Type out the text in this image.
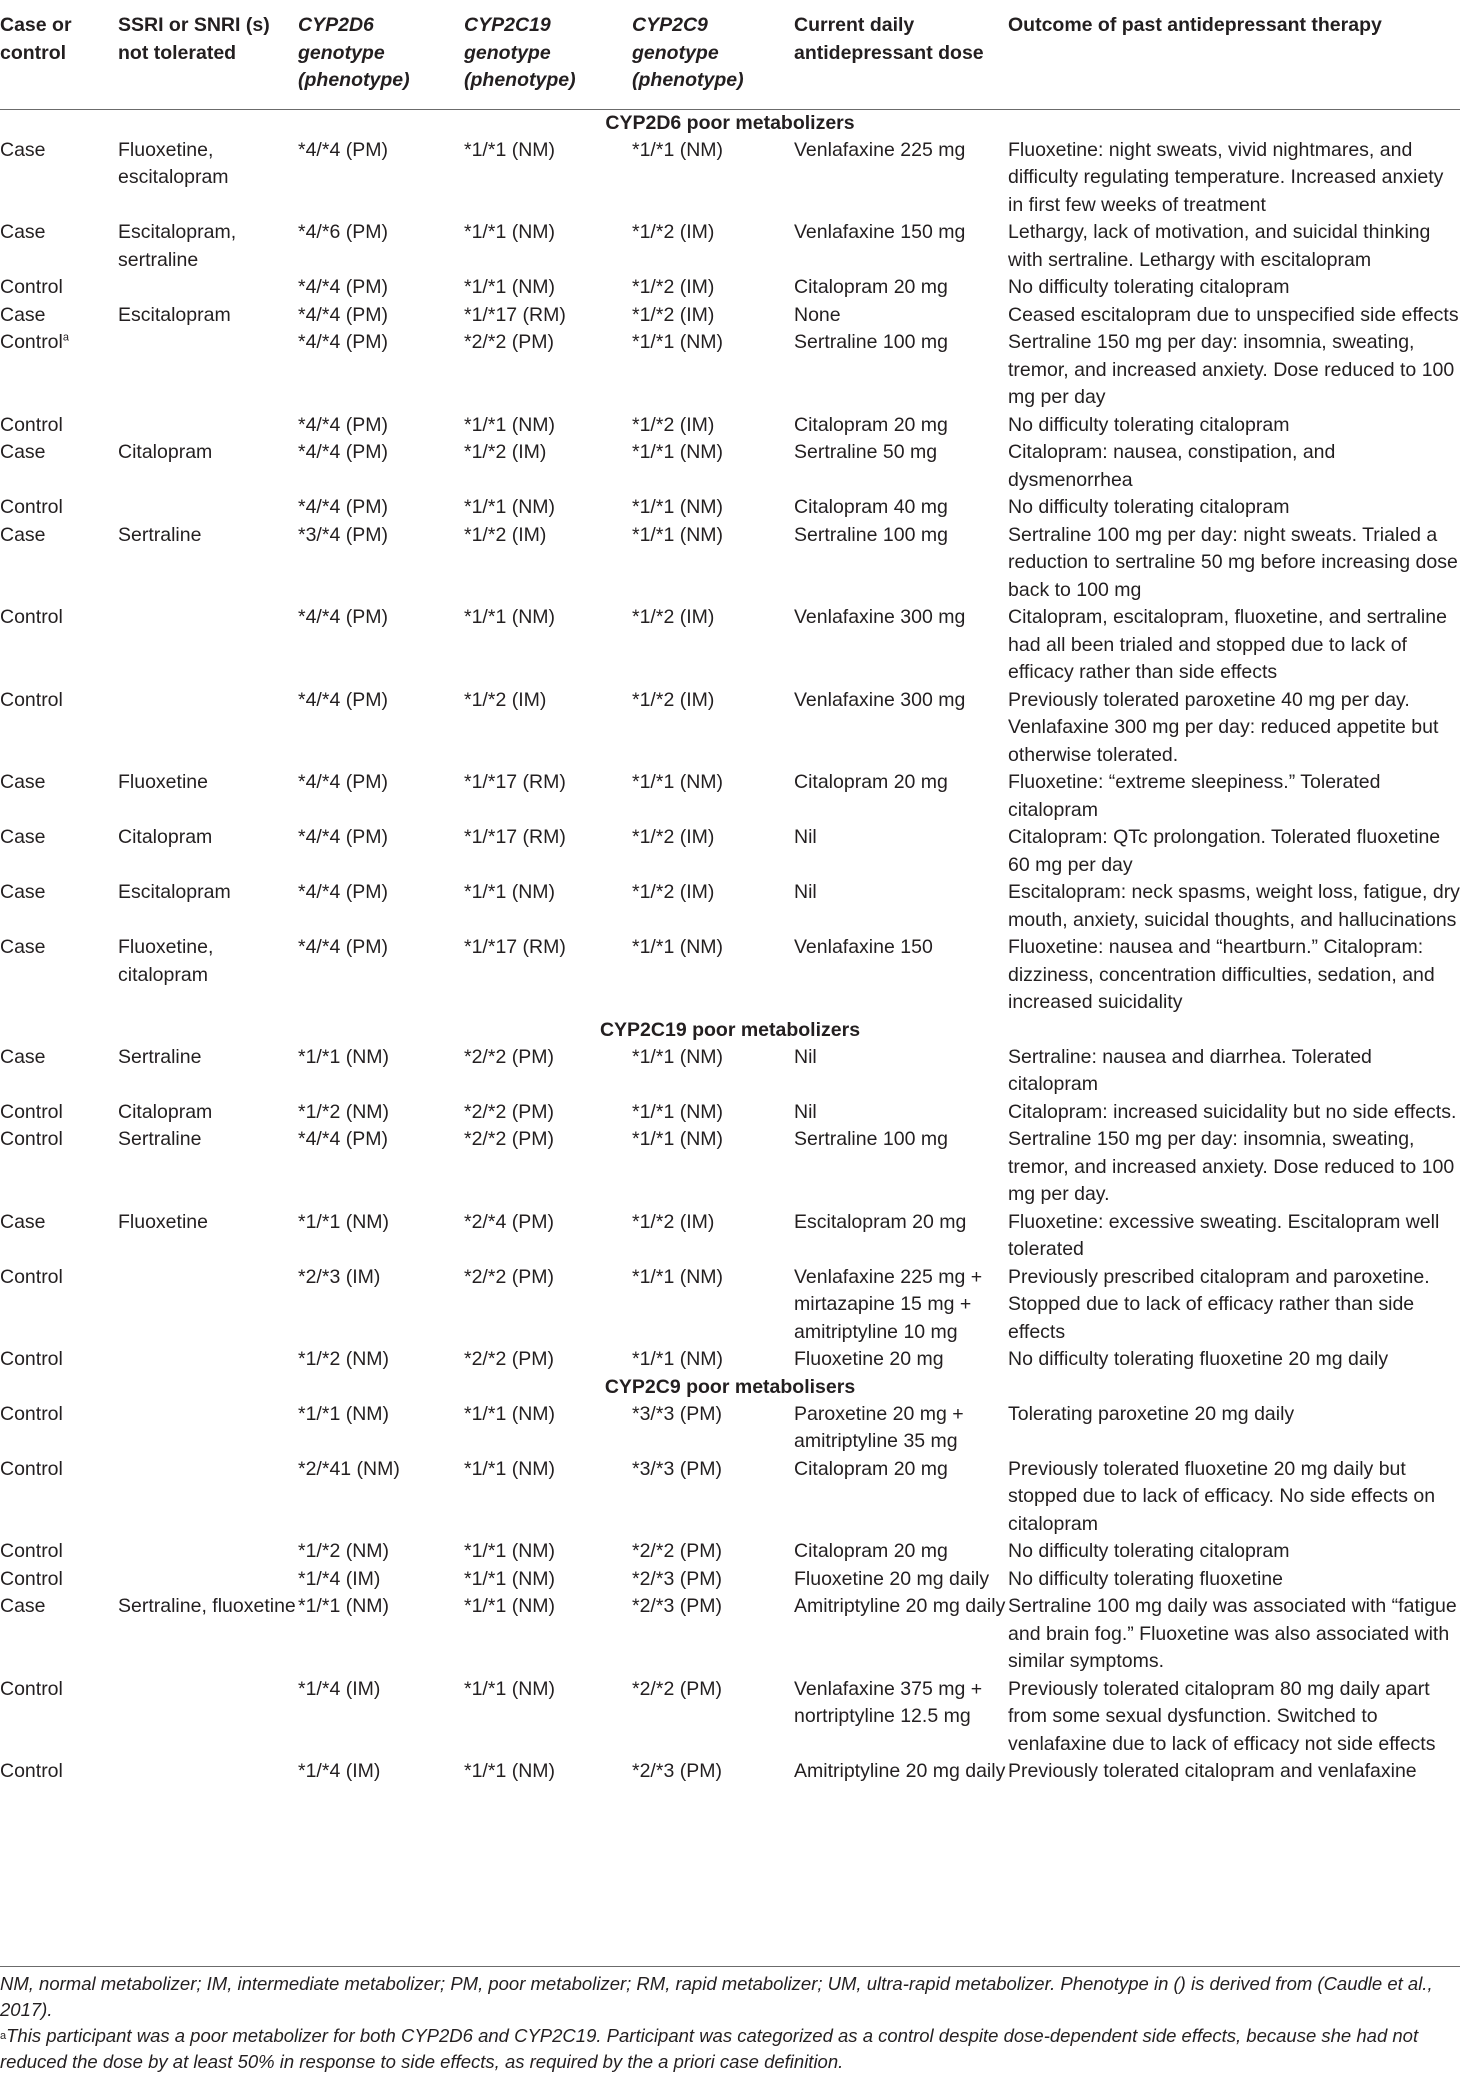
Case or control	SSRI or SNRI (s) not tolerated	CYP2D6 genotype (phenotype)	CYP2C19 genotype (phenotype)	CYP2C9 genotype (phenotype)	Current daily antidepressant dose	Outcome of past antidepressant therapy
CYP2D6 poor metabolizers						
Case	Fluoxetine, escitalopram	*4/*4 (PM)	*1/*1 (NM)	*1/*1 (NM)	Venlafaxine 225 mg	Fluoxetine: night sweats, vivid nightmares, and difficulty regulating temperature. Increased anxiety in first few weeks of treatment
Case	Escitalopram, sertraline	*4/*6 (PM)	*1/*1 (NM)	*1/*2 (IM)	Venlafaxine 150 mg	Lethargy, lack of motivation, and suicidal thinking with sertraline. Lethargy with escitalopram
Control		*4/*4 (PM)	*1/*1 (NM)	*1/*2 (IM)	Citalopram 20 mg	No difficulty tolerating citalopram
Case	Escitalopram	*4/*4 (PM)	*1/*17 (RM)	*1/*2 (IM)	None	Ceased escitalopram due to unspecified side effects
Control$^a$		*4/*4 (PM)	*2/*2 (PM)	*1/*1 (NM)	Sertraline 100 mg	Sertraline 150 mg per day: insomnia, sweating, tremor, and increased anxiety. Dose reduced to 100 mg per day
Control		*4/*4 (PM)	*1/*1 (NM)	*1/*2 (IM)	Citalopram 20 mg	No difficulty tolerating citalopram
Case	Citalopram	*4/*4 (PM)	*1/*2 (IM)	*1/*1 (NM)	Sertraline 50 mg	Citalopram: nausea, constipation, and dysmenorrhea
Control		*4/*4 (PM)	*1/*1 (NM)	*1/*1 (NM)	Citalopram 40 mg	No difficulty tolerating citalopram
Case	Sertraline	*3/*4 (PM)	*1/*2 (IM)	*1/*1 (NM)	Sertraline 100 mg	Sertraline 100 mg per day: night sweats. Trialed a reduction to sertraline 50 mg before increasing dose back to 100 mg
Control		*4/*4 (PM)	*1/*1 (NM)	*1/*2 (IM)	Venlafaxine 300 mg	Citalopram, escitalopram, fluoxetine, and sertraline had all been trialed and stopped due to lack of efficacy rather than side effects
Control		*4/*4 (PM)	*1/*2 (IM)	*1/*2 (IM)	Venlafaxine 300 mg	Previously tolerated paroxetine 40 mg per day. Venlafaxine 300 mg per day: reduced appetite but otherwise tolerated.
Case	Fluoxetine	*4/*4 (PM)	*1/*17 (RM)	*1/*1 (NM)	Citalopram 20 mg	Fluoxetine: “extreme sleepiness.” Tolerated citalopram
Case	Citalopram	*4/*4 (PM)	*1/*17 (RM)	*1/*2 (IM)	Nil	Citalopram: QTc prolongation. Tolerated fluoxetine 60 mg per day
Case	Escitalopram	*4/*4 (PM)	*1/*1 (NM)	*1/*2 (IM)	Nil	Escitalopram: neck spasms, weight loss, fatigue, dry mouth, anxiety, suicidal thoughts, and hallucinations
Case	Fluoxetine, citalopram	*4/*4 (PM)	*1/*17 (RM)	*1/*1 (NM)	Venlafaxine 150	Fluoxetine: nausea and “heartburn.” Citalopram: dizziness, concentration difficulties, sedation, and increased suicidality
CYP2C19 poor metabolizers						
Case	Sertraline	*1/*1 (NM)	*2/*2 (PM)	*1/*1 (NM)	Nil	Sertraline: nausea and diarrhea. Tolerated citalopram
Control	Citalopram	*1/*2 (NM)	*2/*2 (PM)	*1/*1 (NM)	Nil	Citalopram: increased suicidality but no side effects.
Control	Sertraline	*4/*4 (PM)	*2/*2 (PM)	*1/*1 (NM)	Sertraline 100 mg	Sertraline 150 mg per day: insomnia, sweating, tremor, and increased anxiety. Dose reduced to 100 mg per day.
Case	Fluoxetine	*1/*1 (NM)	*2/*4 (PM)	*1/*2 (IM)	Escitalopram 20 mg	Fluoxetine: excessive sweating. Escitalopram well tolerated
Control		*2/*3 (IM)	*2/*2 (PM)	*1/*1 (NM)	Venlafaxine 225 mg + mirtazapine 15 mg + amitriptyline 10 mg	Previously prescribed citalopram and paroxetine. Stopped due to lack of efficacy rather than side effects
Control		*1/*2 (NM)	*2/*2 (PM)	*1/*1 (NM)	Fluoxetine 20 mg	No difficulty tolerating fluoxetine 20 mg daily
CYP2C9 poor metabolisers						
Control		*1/*1 (NM)	*1/*1 (NM)	*3/*3 (PM)	Paroxetine 20 mg + amitriptyline 35 mg	Tolerating paroxetine 20 mg daily
Control		*2/*41 (NM)	*1/*1 (NM)	*3/*3 (PM)	Citalopram 20 mg	Previously tolerated fluoxetine 20 mg daily but stopped due to lack of efficacy. No side effects on citalopram
Control		*1/*2 (NM)	*1/*1 (NM)	*2/*2 (PM)	Citalopram 20 mg	No difficulty tolerating citalopram
Control		*1/*4 (IM)	*1/*1 (NM)	*2/*3 (PM)	Fluoxetine 20 mg daily	No difficulty tolerating fluoxetine
Case	Sertraline, fluoxetine	*1/*1 (NM)	*1/*1 (NM)	*2/*3 (PM)	Amitriptyline 20 mg daily	Sertraline 100 mg daily was associated with “fatigue and brain fog.” Fluoxetine was also associated with similar symptoms.
Control		*1/*4 (IM)	*1/*1 (NM)	*2/*2 (PM)	Venlafaxine 375 mg + nortriptyline 12.5 mg	Previously tolerated citalopram 80 mg daily apart from some sexual dysfunction. Switched to venlafaxine due to lack of efficacy not side effects
Control		*1/*4 (IM)	*1/*1 (NM)	*2/*3 (PM)	Amitriptyline 20 mg daily	Previously tolerated citalopram and venlafaxine

NM, normal metabolizer; IM, intermediate metabolizer; PM, poor metabolizer; RM, rapid metabolizer; UM, ultra-rapid metabolizer. Phenotype in () is derived from (Caudle et al., 2017).

$^a$This participant was a poor metabolizer for both CYP2D6 and CYP2C19. Participant was categorized as a control despite dose-dependent side effects, because she had not reduced the dose by at least 50% in response to side effects, as required by the a priori case definition.
